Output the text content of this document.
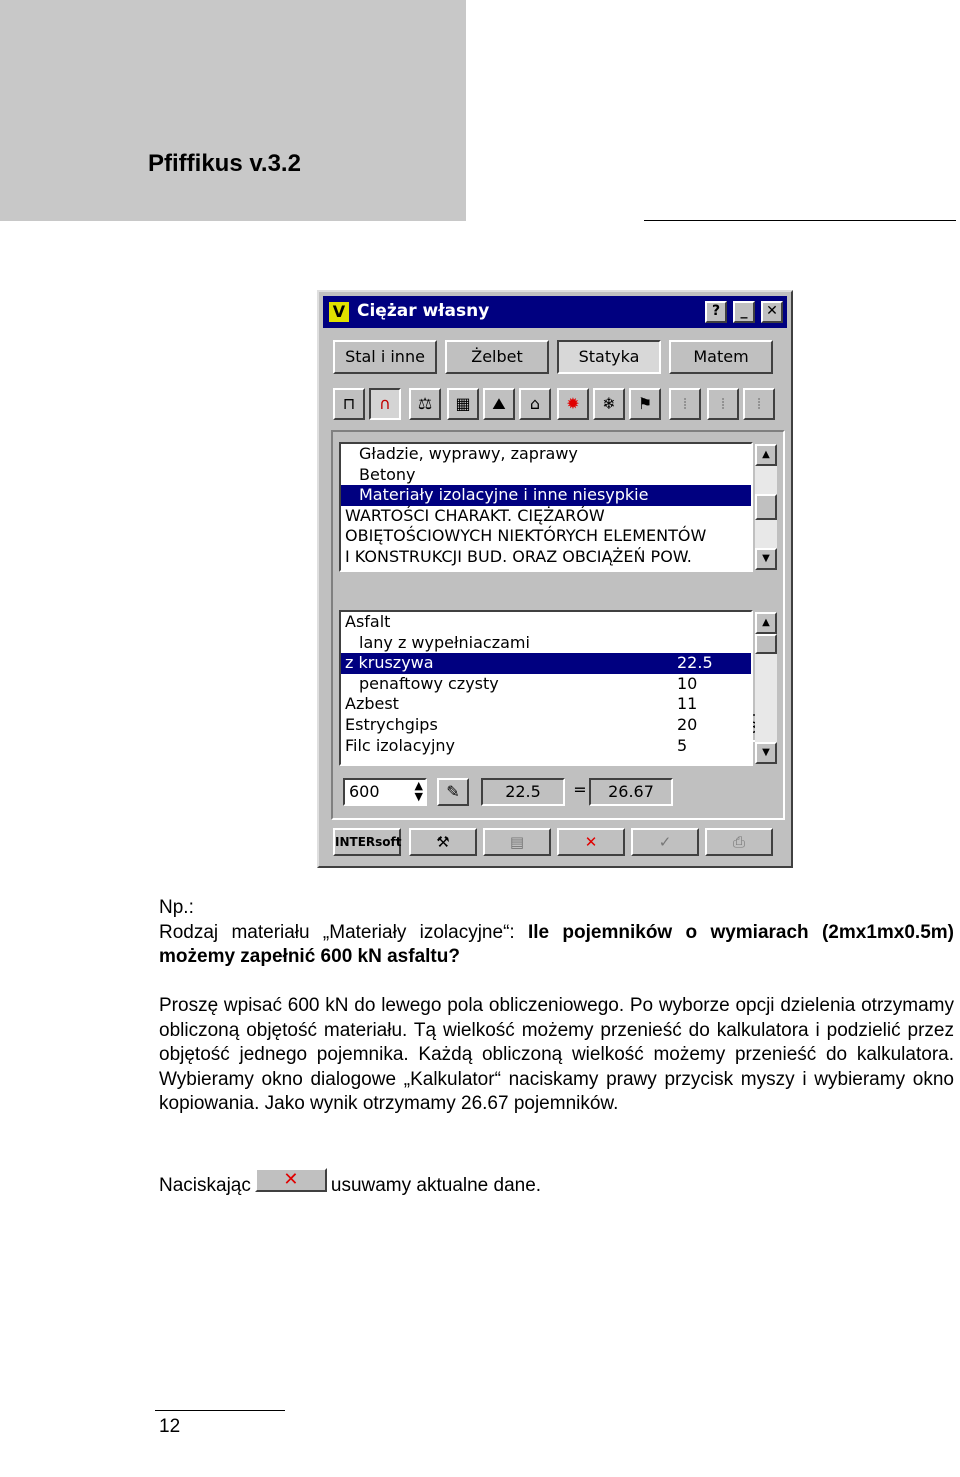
Pfiffikus v.3.2
V Ciężar własny	?	_	✕
Stal i inne	Żelbet	Statyka	Matem
⊓	∩	⚖	▦	⛰	⌂	✹	❄	⚑	⁞	⁞	⁞
Gładzie, wyprawy, zaprawy
Betony
Materiały izolacyjne i inne niesypkie
WARTOŚCI CHARAKT. CIĘŻARÓW
OBIĘTOŚCIOWYCH NIEKTÓRYCH ELEMENTÓW
I KONSTRUKCJI BUD. ORAZ OBCIĄŻEŃ POW.
▲
▼
Asfalt
lany z wypełniaczami
z kruszywa	22.5
penaftowy czysty	10
Azbest	11
Estrychgips	20
Filc izolacyjny	5
▲
▼
600	▲
▼	✎	22.5	=	26.67
INTERsoft	⚒	▤	✕	✓	⎙
Np.:
Rodzaj materiału „Materiały izolacyjne“: Ile pojemników o wymiarach (2mx1mx0.5m) możemy zapełnić 600 kN asfaltu?
Proszę wpisać 600 kN do lewego pola obliczeniowego. Po wyborze opcji dzielenia otrzymamy obliczoną objętość materiału. Tą wielkość możemy przenieść do kalkulatora i podzielić przez objętość jednego pojemnika. Każdą obliczoną wielkość możemy przenieść do kalkulatora. Wybieramy okno dialogowe „Kalkulator“ naciskamy prawy przycisk myszy i wybieramy okno kopiowania. Jako wynik otrzymamy 26.67 pojemników.
Naciskając ✕ usuwamy aktualne dane.
12
